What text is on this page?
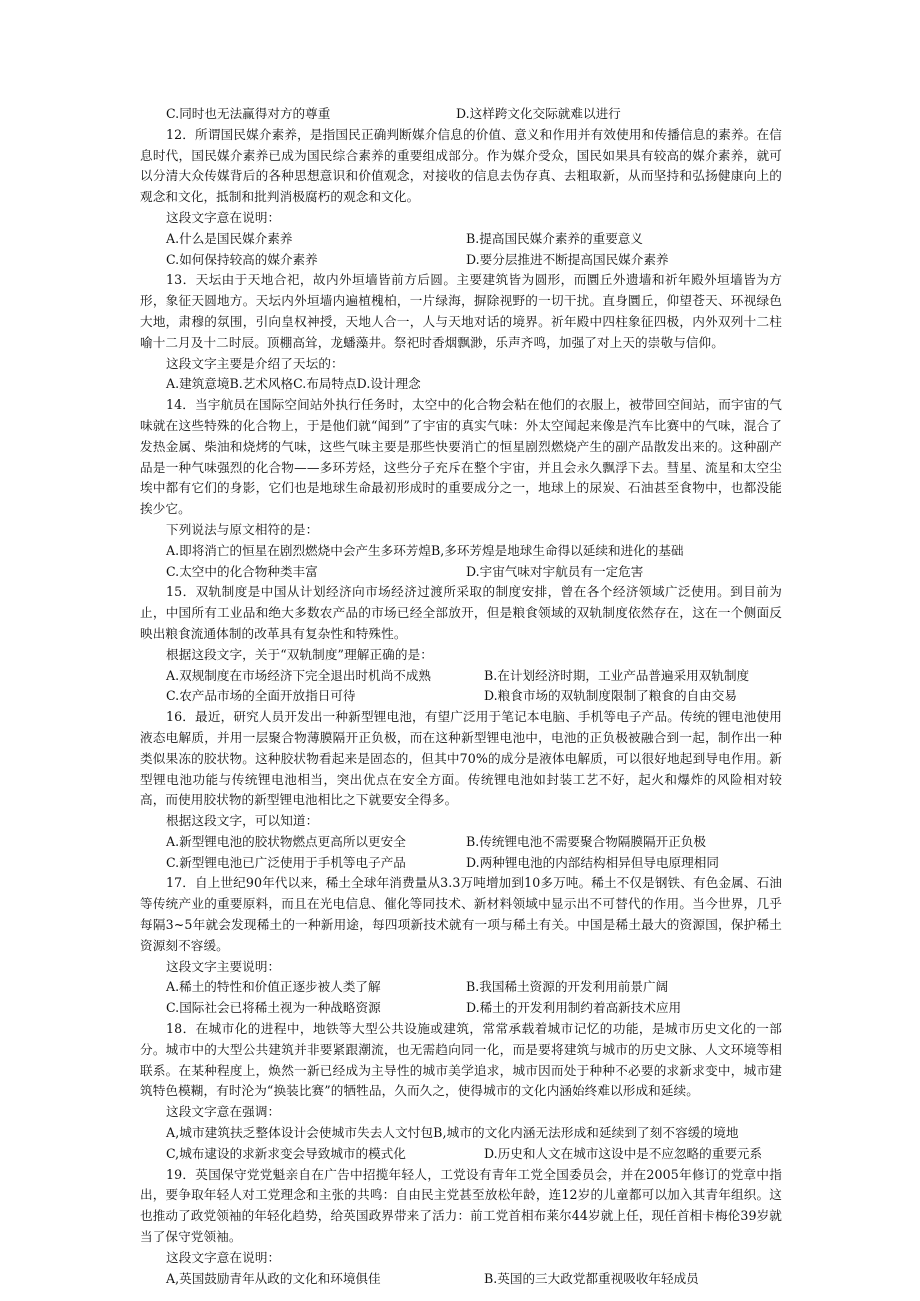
C.同时也无法赢得对方的尊重	D.这样跨文化交际就难以进行

12．所谓国民媒介素养，是指国民正确判断媒介信息的价值、意义和作用并有效使用和传播信息的素养。在信息时代，国民媒介素养已成为国民综合素养的重要组成部分。作为媒介受众，国民如果具有较高的媒介素养，就可以分清大众传媒背后的各种思想意识和价值观念，对接收的信息去伪存真、去粗取新，从而坚持和弘扬健康向上的观念和文化，抵制和批判消极腐朽的观念和文化。

这段文字意在说明：

A.什么是国民媒介素养	B.提高国民媒介素养的重要意义
C.如何保持较高的媒介素养	D.要分层推进不断提高国民媒介素养

13．天坛由于天地合祀，故内外垣墙皆前方后圆。主要建筑皆为圆形，而圜丘外遗墙和祈年殿外垣墙皆为方形，象征天圆地方。天坛内外垣墙内遍植槐柏，一片绿海，摒除视野的一切干扰。直身圜丘，仰望苍天、环视绿色大地，肃穆的氛围，引向皇权神授，天地人合一，人与天地对话的境界。祈年殿中四柱象征四极，内外双列十二柱喻十二月及十二时辰。顶棚高耸，龙蟠藻井。祭祀时香烟飘渺，乐声齐鸣，加强了对上天的崇敬与信仰。

这段文字主要是介绍了天坛的：

A.建筑意境B.艺术风格C.布局特点D.设计理念

14．当宇航员在国际空间站外执行任务时，太空中的化合物会粘在他们的衣服上，被带回空间站，而宇宙的气味就在这些特殊的化合物上，于是他们就“闻到”了宇宙的真实气味：外太空闻起来像是汽车比赛中的气味，混合了发热金属、柴油和烧烤的气味，这些气味主要是那些快要消亡的恒星剧烈燃烧产生的副产品散发出来的。这种副产品是一种气味强烈的化合物——多环芳烃，这些分子充斥在整个宇宙，并且会永久飘浮下去。彗星、流星和太空尘埃中都有它们的身影，它们也是地球生命最初形成时的重要成分之一，地球上的尿炭、石油甚至食物中，也都没能挨少它。

下列说法与原文相符的是：

A.即将消亡的恒星在剧烈燃烧中会产生多环芳煌B,多环芳煌是地球生命得以延续和进化的基础
C.太空中的化合物种类丰富	D.宇宙气味对宇航员有一定危害

15．双轨制度是中国从计划经济向市场经济过渡所采取的制度安排，曾在各个经济领域广泛使用。到目前为止，中国所有工业品和绝大多数农产品的市场已经全部放开，但是粮食领域的双轨制度依然存在，这在一个侧面反映出粮食流通体制的改革具有复杂性和特殊性。

根据这段文字，关于“双轨制度”理解正确的是：

A.双规制度在市场经济下完全退出时机尚不成熟	B.在计划经济时期，工业产品普遍采用双轨制度
C.农产品市场的全面开放指日可待	D.粮食市场的双轨制度限制了粮食的自由交易

16．最近，研究人员开发出一种新型锂电池，有望广泛用于笔记本电脑、手机等电子产品。传统的锂电池使用液态电解质，并用一层聚合物薄膜隔开正负极，而在这种新型锂电池中，电池的正负极被融合到一起，制作出一种类似果冻的胶状物。这种胶状物看起来是固态的，但其中70%的成分是液体电解质，可以很好地起到导电作用。新型锂电池功能与传统锂电池相当，突出优点在安全方面。传统锂电池如封装工艺不好，起火和爆炸的风险相对较高，而使用胶状物的新型锂电池相比之下就要安全得多。

根据这段文字，可以知道：

A.新型锂电池的胶状物燃点更高所以更安全	B.传统锂电池不需要聚合物隔膜隔开正负极
C.新型锂电池已广泛使用于手机等电子产品	D.两种锂电池的内部结构相异但导电原理相同

17．自上世纪90年代以来，稀土全球年消费量从3.3万吨增加到10多万吨。稀土不仅是钢铁、有色金属、石油等传统产业的重要原料，而且在光电信息、催化等同技术、新材料领域中显示出不可替代的作用。当今世界，几乎每隔3~5年就会发现稀土的一种新用途，每四项新技术就有一项与稀土有关。中国是稀土最大的资源国，保护稀土资源刻不容缓。

这段文字主要说明：

A.稀土的特性和价值正逐步被人类了解	B.我国稀土资源的开发利用前景广阔
C.国际社会已将稀土视为一种战略资源	D.稀土的开发利用制约着高新技术应用

18．在城市化的进程中，地铁等大型公共设施或建筑，常常承载着城市记忆的功能，是城市历史文化的一部分。城市中的大型公共建筑并非要紧跟潮流，也无需趋向同一化，而是要将建筑与城市的历史文脉、人文环境等相联系。在某种程度上，焕然一新已经成为主导性的城市美学追求，城市因而处于种种不必要的求新求变中，城市建筑特色模糊，有时沦为“换装比赛”的牺牲品，久而久之，使得城市的文化内涵始终难以形成和延续。

这段文字意在强调：

A,城市建筑扶乏整体设计会使城市失去人文忖包B,城市的文化内涵无法形成和延续到了刻不容缓的境地

C,城布逮设的求新求变会导致城市的模式化	D.历史和人文在城市这设中是不应忽略的重要元系

19．英国保守党党魁亲自在广告中招揽年轻人，工党设有青年工党全国委员会，并在2005年修订的党章中指出，要争取年轻人对工党理念和主张的共鸣：自由民主党甚至放松年龄，连12岁的儿童都可以加入其青年组织。这也推动了政党领袖的年轻化趋势，给英国政界带来了活力：前工党首相布莱尔44岁就上任，现任首相卡梅伦39岁就当了保守党领袖。

这段文字意在说明：

A,英国鼓励青年从政的文化和环境俱佳	B.英国的三大政党都重视吸收年轻成员
